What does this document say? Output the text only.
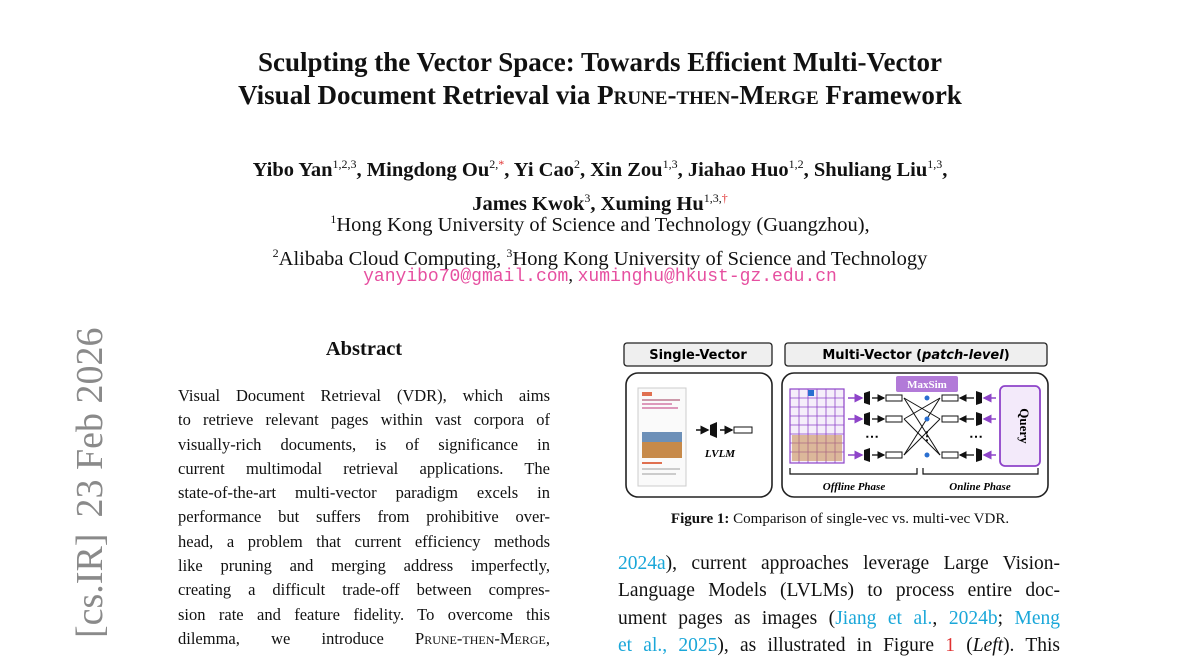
[cs.IR]23 Feb 2026
Sculpting the Vector Space: Towards Efficient Multi-Vector
Visual Document Retrieval via Prune-then-Merge Framework
Yibo Yan$^{1,2,3}$, Mingdong $Ou^{2,*}$, Yi Cao$^2$, Xin Zou$^{1,3}$, Jiahao Huo$^{1,2}$, Shuliang Liu$^{1,3}$,
James Kwok$^3$, Xuming $Hu^{1,3,\dagger}$
$^1$Hong Kong University of Science and Technology (Guangzhou),
$^2$Alibaba Cloud Computing, $^3$Hong Kong University of Science and Technology
yanyibo70@gmail.com, xuminghu@hkust-gz.edu.cn
Abstract
Visual Document Retrieval (VDR), which aims
to retrieve relevant pages within vast corpora of
visually-rich documents, is of significance in
current multimodal retrieval applications. The
state-of-the-art multi-vector paradigm excels in
performance but suffers from prohibitive over-
head, a problem that current efficiency methods
like pruning and merging address imperfectly,
creating a difficult trade-off between compres-
sion rate and feature fidelity. To overcome this
dilemma, we introduce Prune-then-Merge,
Single-Vector	Multi-Vector (patch-level)
LVLM
⋯
MaxSim
⋮	⋯	Query
Offline Phase	Online Phase
Figure 1: Comparison of single-vec vs. multi-vec VDR.
2024a), current approaches leverage Large Vision-
Language Models (LVLMs) to process entire doc-
ument pages as images (Jiang et al., 2024b; Meng
et al., 2025), as illustrated in Figure 1 (Left). This
